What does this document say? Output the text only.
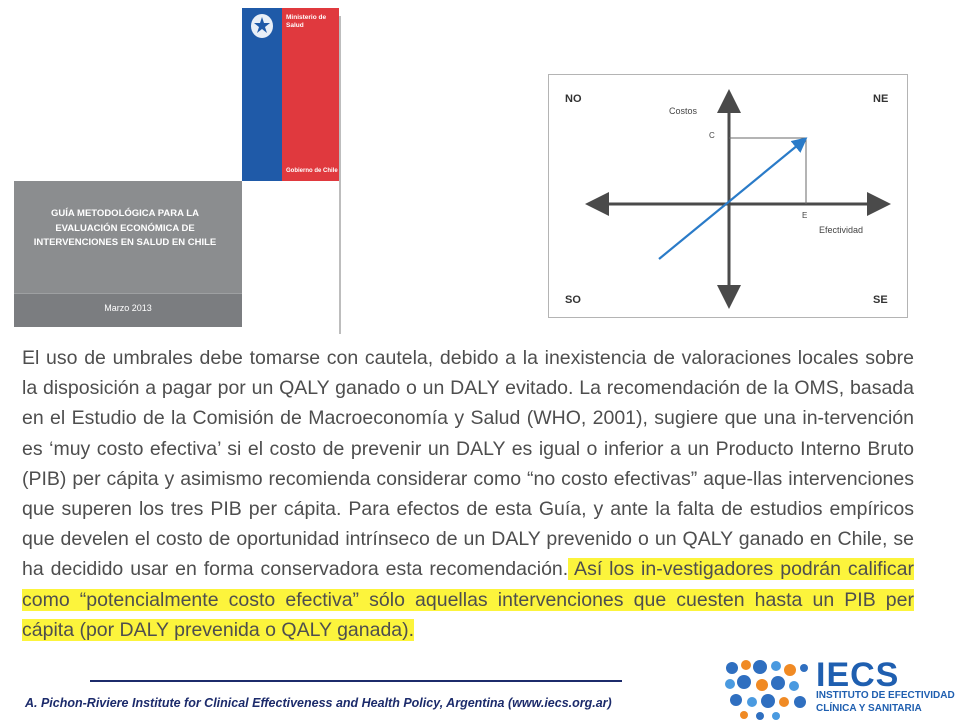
Ministerio de Salud
Gobierno de Chile
GUÍA METODOLÓGICA PARA LA
EVALUACIÓN ECONÓMICA DE
INTERVENCIONES EN SALUD EN CHILE
Marzo 2013
NO	NE
SO	SE
Costos
Efectividad
C
E
El uso de umbrales debe tomarse con cautela, debido a la inexistencia de valoraciones locales sobre la disposición a pagar por un QALY ganado o un DALY evitado. La recomendación de la OMS, basada en el Estudio de la Comisión de Macroeconomía y Salud (WHO, 2001), sugiere que una in-tervención es ‘muy costo efectiva’ si el costo de prevenir un DALY es igual o inferior a un Producto Interno Bruto (PIB) per cápita y asimismo recomienda considerar como “no costo efectivas” aque-llas intervenciones que superen los tres PIB per cápita. Para efectos de esta Guía, y ante la falta de estudios empíricos que develen el costo de oportunidad intrínseco de un DALY prevenido o un QALY ganado en Chile, se ha decidido usar en forma conservadora esta recomendación. Así los in-vestigadores podrán calificar como “potencialmente costo efectiva” sólo aquellas intervenciones que cuesten hasta un PIB per cápita (por DALY prevenida o QALY ganada).
A. Pichon-Riviere Institute for Clinical Effectiveness and Health Policy, Argentina (www.iecs.org.ar)
IECS
INSTITUTO DE EFECTIVIDAD
CLÍNICA Y SANITARIA
